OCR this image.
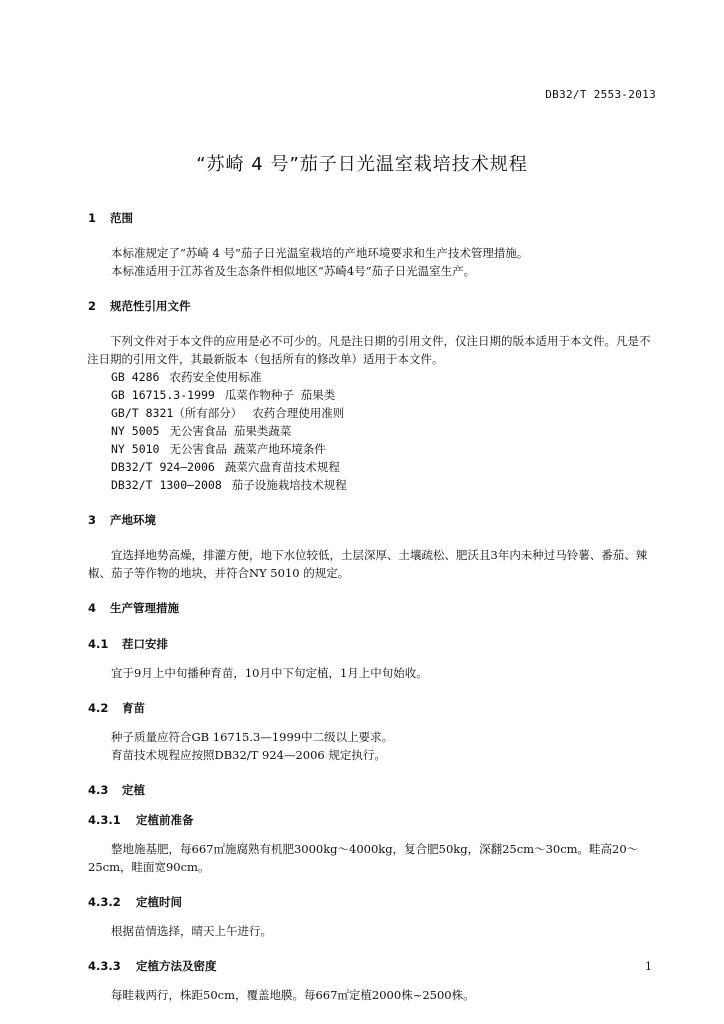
DB32/T 2553-2013
“苏崎 4 号”茄子日光温室栽培技术规程
1 范围

本标准规定了“苏崎 4 号”茄子日光温室栽培的产地环境要求和生产技术管理措施。

本标准适用于江苏省及生态条件相似地区“苏崎4号”茄子日光温室生产。

2 规范性引用文件

下列文件对于本文件的应用是必不可少的。凡是注日期的引用文件，仅注日期的版本适用于本文件。凡是不注日期的引用文件，其最新版本（包括所有的修改单）适用于本文件。

GB 4286 农药安全使用标准
GB 16715.3-1999 瓜菜作物种子 茄果类
GB/T 8321（所有部分） 农药合理使用准则
NY 5005 无公害食品 茄果类蔬菜
NY 5010 无公害食品 蔬菜产地环境条件
DB32/T 924—2006 蔬菜穴盘育苗技术规程
DB32/T 1300—2008 茄子设施栽培技术规程
3 产地环境

宜选择地势高燥，排灌方便，地下水位较低，土层深厚、土壤疏松、肥沃且3年内未种过马铃薯、番茄、辣椒、茄子等作物的地块，并符合NY 5010 的规定。

4 生产管理措施
4.1 茬口安排

宜于9月上中旬播种育苗，10月中下旬定植，1月上中旬始收。

4.2 育苗

种子质量应符合GB 16715.3—1999中二级以上要求。

育苗技术规程应按照DB32/T 924—2006 规定执行。

4.3 定植
4.3.1 定植前准备

整地施基肥，每667㎡施腐熟有机肥3000kg～4000kg，复合肥50kg，深翻25cm～30cm。畦高20～25cm，畦面宽90cm。

4.3.2 定植时间

根据苗情选择，晴天上午进行。

4.3.3 定植方法及密度

每畦栽两行，株距50cm，覆盖地膜。每667㎡定植2000株~2500株。

1
